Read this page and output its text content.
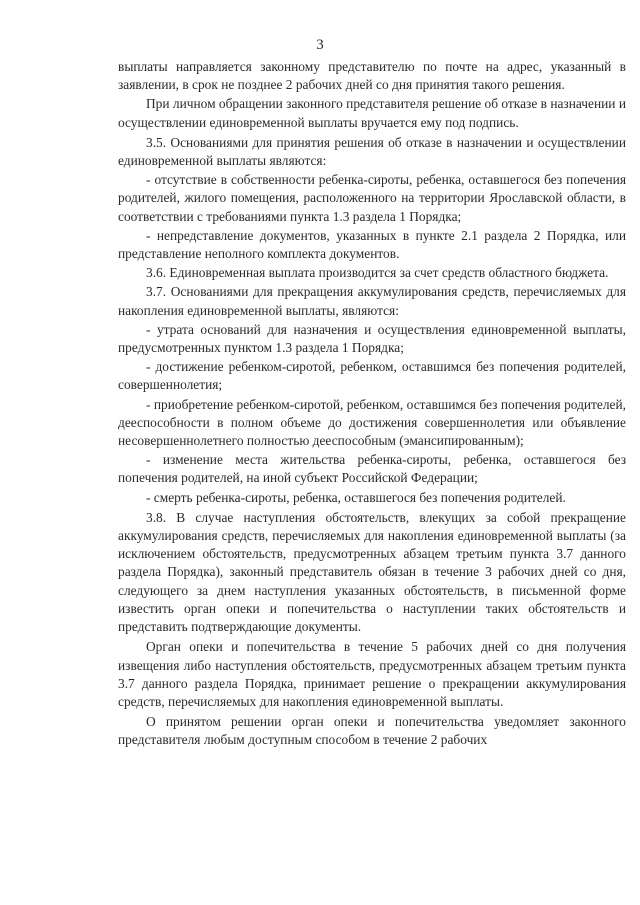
3

выплаты направляется законному представителю по почте на адрес, указанный в заявлении, в срок не позднее 2 рабочих дней со дня принятия такого решения.

При личном обращении законного представителя решение об отказе в назначении и осуществлении единовременной выплаты вручается ему под подпись.

3.5. Основаниями для принятия решения об отказе в назначении и осуществлении единовременной выплаты являются:

- отсутствие в собственности ребенка-сироты, ребенка, оставшегося без попечения родителей, жилого помещения, расположенного на территории Ярославской области, в соответствии с требованиями пункта 1.3 раздела 1 Порядка;

- непредставление документов, указанных в пункте 2.1 раздела 2 Порядка, или представление неполного комплекта документов.

3.6. Единовременная выплата производится за счет средств областного бюджета.

3.7. Основаниями для прекращения аккумулирования средств, перечисляемых для накопления единовременной выплаты, являются:

- утрата оснований для назначения и осуществления единовременной выплаты, предусмотренных пунктом 1.3 раздела 1 Порядка;

- достижение ребенком-сиротой, ребенком, оставшимся без попечения родителей, совершеннолетия;

- приобретение ребенком-сиротой, ребенком, оставшимся без попечения родителей, дееспособности в полном объеме до достижения совершеннолетия или объявление несовершеннолетнего полностью дееспособным (эмансипированным);

- изменение места жительства ребенка-сироты, ребенка, оставшегося без попечения родителей, на иной субъект Российской Федерации;

- смерть ребенка-сироты, ребенка, оставшегося без попечения родителей.

3.8. В случае наступления обстоятельств, влекущих за собой прекращение аккумулирования средств, перечисляемых для накопления единовременной выплаты (за исключением обстоятельств, предусмотренных абзацем третьим пункта 3.7 данного раздела Порядка), законный представитель обязан в течение 3 рабочих дней со дня, следующего за днем наступления указанных обстоятельств, в письменной форме известить орган опеки и попечительства о наступлении таких обстоятельств и представить подтверждающие документы.

Орган опеки и попечительства в течение 5 рабочих дней со дня получения извещения либо наступления обстоятельств, предусмотренных абзацем третьим пункта 3.7 данного раздела Порядка, принимает решение о прекращении аккумулирования средств, перечисляемых для накопления единовременной выплаты.

О принятом решении орган опеки и попечительства уведомляет законного представителя любым доступным способом в течение 2 рабочих
